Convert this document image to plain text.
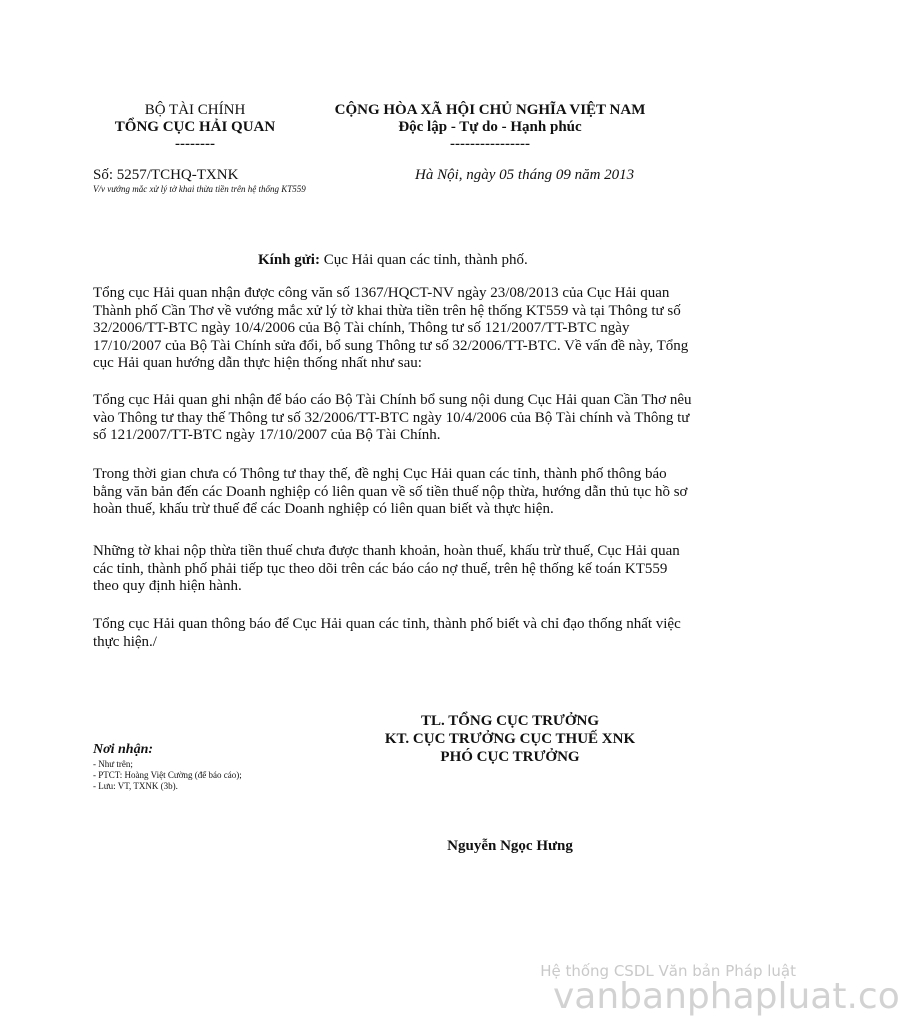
BỘ TÀI CHÍNH
TỔNG CỤC HẢI QUAN
--------
CỘNG HÒA XÃ HỘI CHỦ NGHĨA VIỆT NAM
Độc lập - Tự do - Hạnh phúc
----------------
Số: 5257/TCHQ-TXNK
V/v vướng mắc xử lý tờ khai thừa tiền trên hệ thống KT559
Hà Nội, ngày 05 tháng 09 năm 2013
Kính gửi: Cục Hải quan các tỉnh, thành phố.

Tổng cục Hải quan nhận được công văn số 1367/HQCT-NV ngày 23/08/2013 của Cục Hải quan Thành phố Cần Thơ về vướng mắc xử lý tờ khai thừa tiền trên hệ thống KT559 và tại Thông tư số 32/2006/TT-BTC ngày 10/4/2006 của Bộ Tài chính, Thông tư số 121/2007/TT-BTC ngày 17/10/2007 của Bộ Tài Chính sửa đổi, bổ sung Thông tư số 32/2006/TT-BTC. Về vấn đề này, Tổng cục Hải quan hướng dẫn thực hiện thống nhất như sau:

Tổng cục Hải quan ghi nhận để báo cáo Bộ Tài Chính bổ sung nội dung Cục Hải quan Cần Thơ nêu vào Thông tư thay thế Thông tư số 32/2006/TT-BTC ngày 10/4/2006 của Bộ Tài chính và Thông tư số 121/2007/TT-BTC ngày 17/10/2007 của Bộ Tài Chính.

Trong thời gian chưa có Thông tư thay thế, đề nghị Cục Hải quan các tỉnh, thành phố thông báo bằng văn bản đến các Doanh nghiệp có liên quan về số tiền thuế nộp thừa, hướng dẫn thủ tục hồ sơ hoàn thuế, khấu trừ thuế để các Doanh nghiệp có liên quan biết và thực hiện.

Những tờ khai nộp thừa tiền thuế chưa được thanh khoản, hoàn thuế, khấu trừ thuế, Cục Hải quan các tỉnh, thành phố phải tiếp tục theo dõi trên các báo cáo nợ thuế, trên hệ thống kế toán KT559 theo quy định hiện hành.

Tổng cục Hải quan thông báo để Cục Hải quan các tỉnh, thành phố biết và chỉ đạo thống nhất việc thực hiện./

TL. TỔNG CỤC TRƯỞNG
KT. CỤC TRƯỞNG CỤC THUẾ XNK
PHÓ CỤC TRƯỞNG
Nguyễn Ngọc Hưng
Nơi nhận:
- Như trên;
- PTCT: Hoàng Việt Cường (để báo cáo);
- Lưu: VT, TXNK (3b).
Hệ thống CSDL Văn bản Pháp luật
vanbanphapluat.co
